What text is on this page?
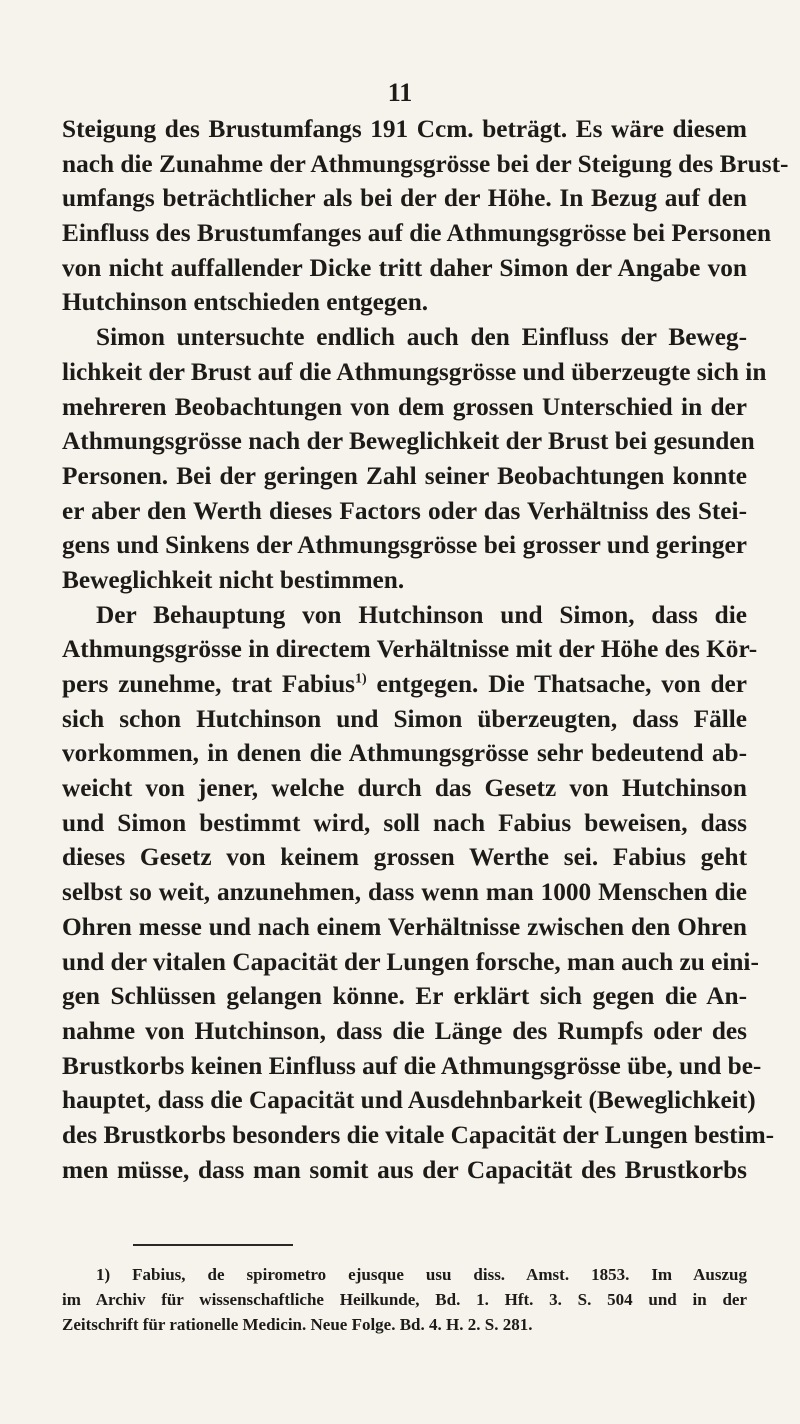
11
Steigung des Brustumfangs 191 Ccm. beträgt. Es wäre diesem
nach die Zunahme der Athmungsgrösse bei der Steigung des Brust-
umfangs beträchtlicher als bei der der Höhe. In Bezug auf den
Einfluss des Brustumfanges auf die Athmungsgrösse bei Personen
von nicht auffallender Dicke tritt daher Simon der Angabe von
Hutchinson entschieden entgegen.
Simon untersuchte endlich auch den Einfluss der Beweg-
lichkeit der Brust auf die Athmungsgrösse und überzeugte sich in
mehreren Beobachtungen von dem grossen Unterschied in der
Athmungsgrösse nach der Beweglichkeit der Brust bei gesunden
Personen. Bei der geringen Zahl seiner Beobachtungen konnte
er aber den Werth dieses Factors oder das Verhältniss des Stei-
gens und Sinkens der Athmungsgrösse bei grosser und geringer
Beweglichkeit nicht bestimmen.
Der Behauptung von Hutchinson und Simon, dass die
Athmungsgrösse in directem Verhältnisse mit der Höhe des Kör-
pers zunehme, trat Fabius$^{1)}$ entgegen. Die Thatsache, von der
sich schon Hutchinson und Simon überzeugten, dass Fälle
vorkommen, in denen die Athmungsgrösse sehr bedeutend ab-
weicht von jener, welche durch das Gesetz von Hutchinson
und Simon bestimmt wird, soll nach Fabius beweisen, dass
dieses Gesetz von keinem grossen Werthe sei. Fabius geht
selbst so weit, anzunehmen, dass wenn man 1000 Menschen die
Ohren messe und nach einem Verhältnisse zwischen den Ohren
und der vitalen Capacität der Lungen forsche, man auch zu eini-
gen Schlüssen gelangen könne. Er erklärt sich gegen die An-
nahme von Hutchinson, dass die Länge des Rumpfs oder des
Brustkorbs keinen Einfluss auf die Athmungsgrösse übe, und be-
hauptet, dass die Capacität und Ausdehnbarkeit (Beweglichkeit)
des Brustkorbs besonders die vitale Capacität der Lungen bestim-
men müsse, dass man somit aus der Capacität des Brustkorbs
1) Fabius, de spirometro ejusque usu diss. Amst. 1853. Im Auszug
im Archiv für wissenschaftliche Heilkunde, Bd. 1. Hft. 3. S. 504 und in der
Zeitschrift für rationelle Medicin. Neue Folge. Bd. 4. H. 2. S. 281.
